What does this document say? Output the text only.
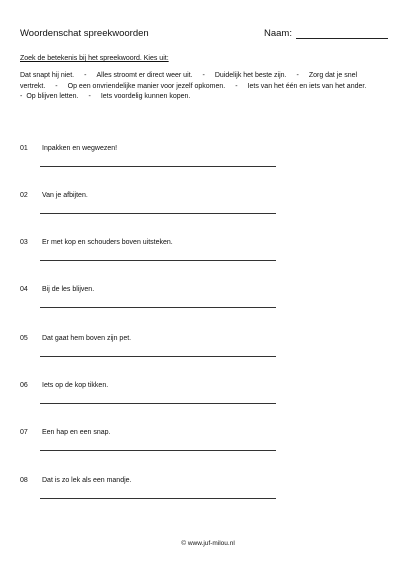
Woordenschat spreekwoorden	Naam:
Zoek de betekenis bij het spreekwoord. Kies uit:
Dat snapt hij niet. - Alles stroomt er direct weer uit. - Duidelijk het beste zijn. - Zorg dat je snel
vertrekt. - Op een onvriendelijke manier voor jezelf opkomen. - Iets van het één en iets van het ander.
- Op blijven letten. - Iets voordelig kunnen kopen.
01 Inpakken en wegwezen!
02 Van je afbijten.
03 Er met kop en schouders boven uitsteken.
04 Bij de les blijven.
05 Dat gaat hem boven zijn pet.
06 Iets op de kop tikken.
07 Een hap en een snap.
08 Dat is zo lek als een mandje.
© www.juf-milou.nl
